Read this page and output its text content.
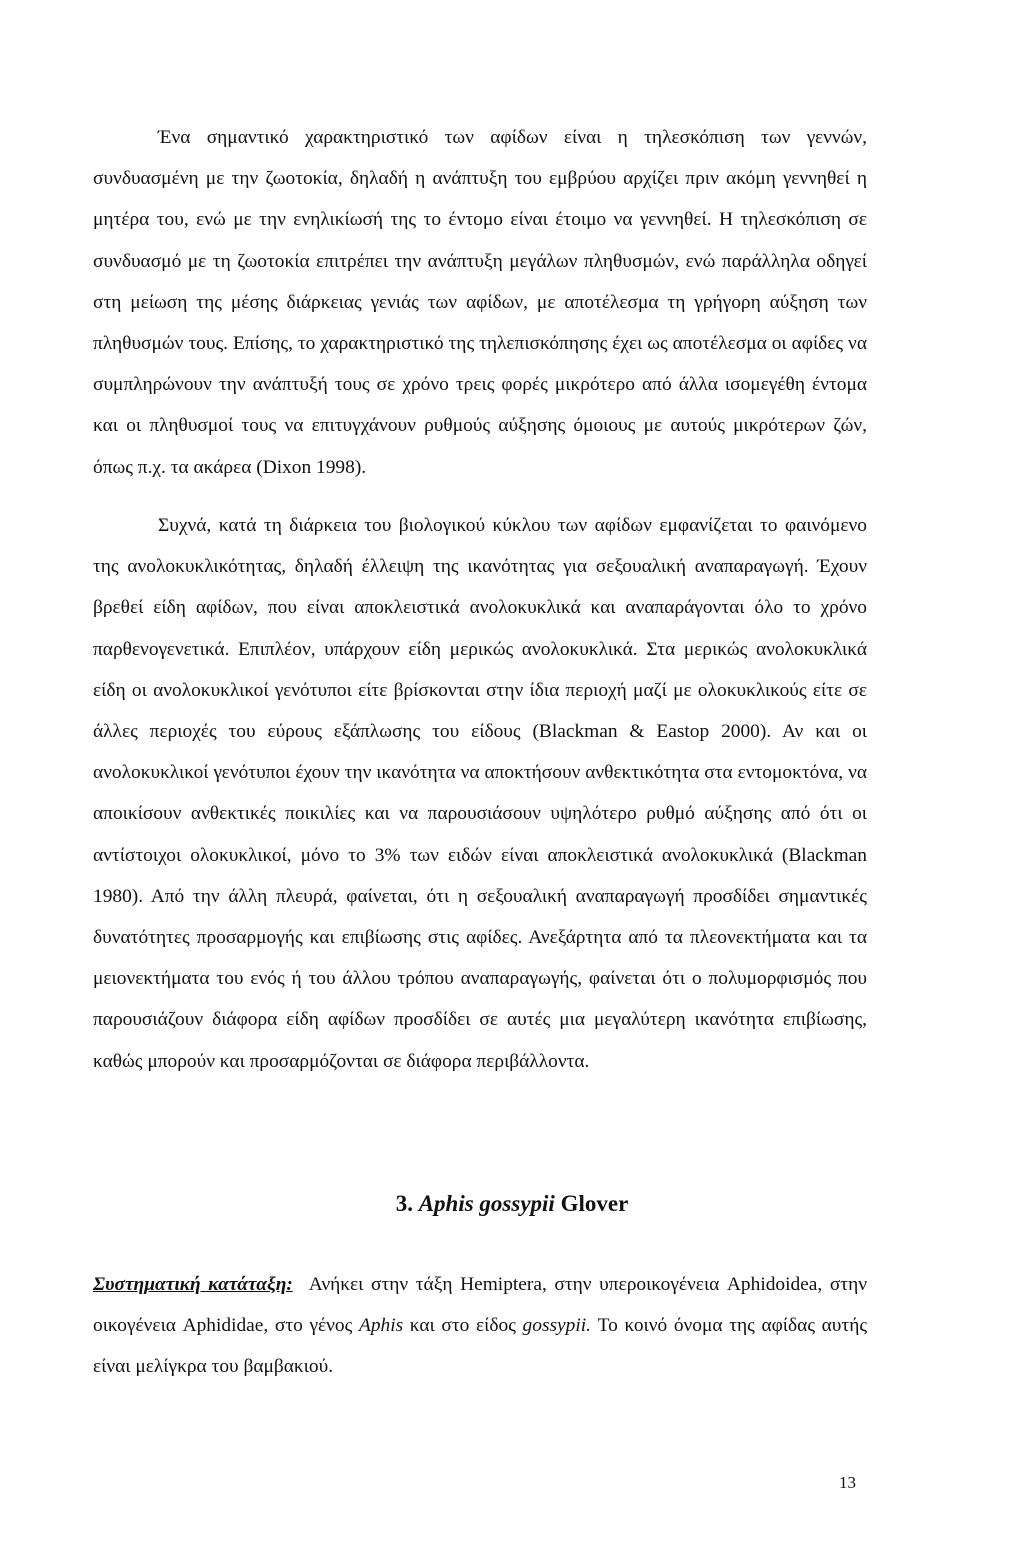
Ένα σημαντικό χαρακτηριστικό των αφίδων είναι η τηλεσκόπιση των γεννών, συνδυασμένη με την ζωοτοκία, δηλαδή η ανάπτυξη του εμβρύου αρχίζει πριν ακόμη γεννηθεί η μητέρα του, ενώ με την ενηλικίωσή της το έντομο είναι έτοιμο να γεννηθεί. Η τηλεσκόπιση σε συνδυασμό με τη ζωοτοκία επιτρέπει την ανάπτυξη μεγάλων πληθυσμών, ενώ παράλληλα οδηγεί στη μείωση της μέσης διάρκειας γενιάς των αφίδων, με αποτέλεσμα τη γρήγορη αύξηση των πληθυσμών τους. Επίσης, το χαρακτηριστικό της τηλεπισκόπησης έχει ως αποτέλεσμα οι αφίδες να συμπληρώνουν την ανάπτυξή τους σε χρόνο τρεις φορές μικρότερο από άλλα ισομεγέθη έντομα και οι πληθυσμοί τους να επιτυγχάνουν ρυθμούς αύξησης όμοιους με αυτούς μικρότερων ζών, όπως π.χ. τα ακάρεα (Dixon 1998).

Συχνά, κατά τη διάρκεια του βιολογικού κύκλου των αφίδων εμφανίζεται το φαινόμενο της ανολοκυκλικότητας, δηλαδή έλλειψη της ικανότητας για σεξουαλική αναπαραγωγή. Έχουν βρεθεί είδη αφίδων, που είναι αποκλειστικά ανολοκυκλικά και αναπαράγονται όλο το χρόνο παρθενογενετικά. Επιπλέον, υπάρχουν είδη μερικώς ανολοκυκλικά. Στα μερικώς ανολοκυκλικά είδη οι ανολοκυκλικοί γενότυποι είτε βρίσκονται στην ίδια περιοχή μαζί με ολοκυκλικούς είτε σε άλλες περιοχές του εύρους εξάπλωσης του είδους (Blackman & Eastop 2000). Αν και οι ανολοκυκλικοί γενότυποι έχουν την ικανότητα να αποκτήσουν ανθεκτικότητα στα εντομοκτόνα, να αποικίσουν ανθεκτικές ποικιλίες και να παρουσιάσουν υψηλότερο ρυθμό αύξησης από ότι οι αντίστοιχοι ολοκυκλικοί, μόνο το 3% των ειδών είναι αποκλειστικά ανολοκυκλικά (Blackman 1980). Από την άλλη πλευρά, φαίνεται, ότι η σεξουαλική αναπαραγωγή προσδίδει σημαντικές δυνατότητες προσαρμογής και επιβίωσης στις αφίδες. Ανεξάρτητα από τα πλεονεκτήματα και τα μειονεκτήματα του ενός ή του άλλου τρόπου αναπαραγωγής, φαίνεται ότι ο πολυμορφισμός που παρουσιάζουν διάφορα είδη αφίδων προσδίδει σε αυτές μια μεγαλύτερη ικανότητα επιβίωσης, καθώς μπορούν και προσαρμόζονται σε διάφορα περιβάλλοντα.

3. Aphis gossypii Glover

Συστηματική κατάταξη: Ανήκει στην τάξη Hemiptera, στην υπεροικογένεια Aphidoidea, στην οικογένεια Aphididae, στο γένος Aphis και στο είδος gossypii. Το κοινό όνομα της αφίδας αυτής είναι μελίγκρα του βαμβακιού.

13
